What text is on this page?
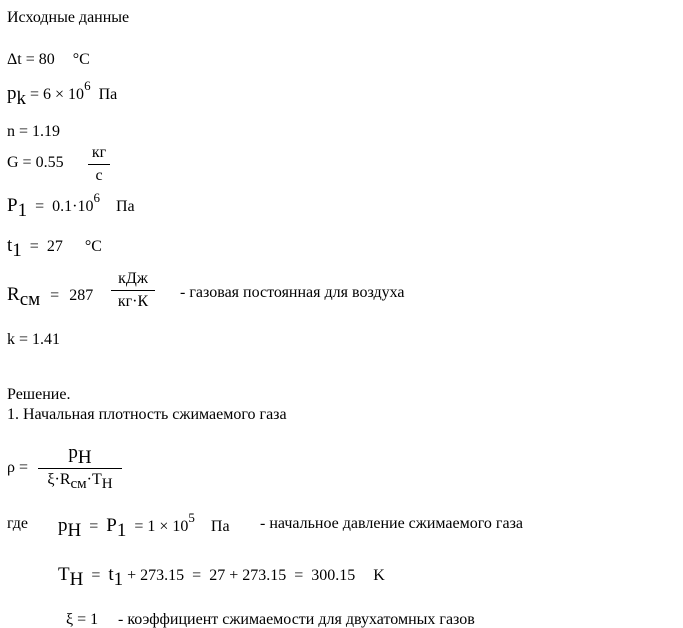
Исходные данные
Δt = 80 °C
pk = $6 \times 10^6$ Па
n = 1.19
G = 0.55
кг
с
$P1 = 0.1\cdot 10^6$ Па
t1 = 27 °C
Rсм = 287
кДж
кг·К
- газовая постоянная для воздуха
k = 1.41
Решение.
1. Начальная плотность сжимаемого газа
ρ =
pH
ξ·Rсм·TH
где pH = $P1 = 1 \times 10^5$ Па - начальное давление сжимаемого газа
TH = t1 + 273.15  =  27 + 273.15  =  300.15 K
ξ = 1 - коэффициент сжимаемости для двухатомных газов
